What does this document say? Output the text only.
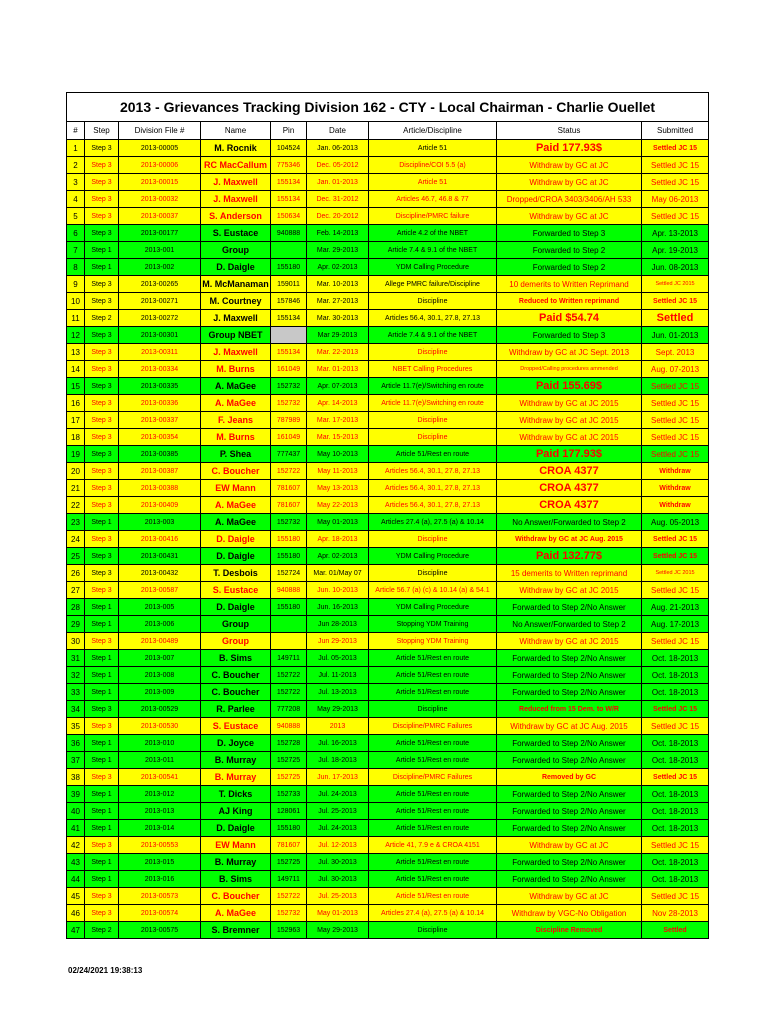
2013 - Grievances Tracking Division 162 - CTY - Local Chairman - Charlie Ouellet								
#	Step	Division File #	Name	Pin	Date	Article/Discipline	Status	Submitted
1	Step 3	2013-00005	M. Rocnik	104524	Jan. 06-2013	Article 51	Paid 177.93$	Settled JC 15
2	Step 3	2013-00006	RC MacCallum	775346	Dec. 05-2012	Discipline/COI 5.5 (a)	Withdraw by GC at JC	Settled JC 15
3	Step 3	2013-00015	J. Maxwell	155134	Jan. 01-2013	Article 51	Withdraw by GC at JC	Settled JC 15
4	Step 3	2013-00032	J. Maxwell	155134	Dec. 31-2012	Articles 46.7, 46.8 & 77	Dropped/CROA 3403/3406/AH 533	May 06-2013
5	Step 3	2013-00037	S. Anderson	150634	Dec. 20-2012	Discipline/PMRC failure	Withdraw by GC at JC	Settled JC 15
6	Step 3	2013-00177	S. Eustace	940888	Feb. 14-2013	Article 4.2 of the NBET	Forwarded to Step 3	Apr. 13-2013
7	Step 1	2013-001	Group		Mar. 29-2013	Article 7.4 & 9.1 of the NBET	Forwarded to Step 2	Apr. 19-2013
8	Step 1	2013-002	D. Daigle	155180	Apr. 02-2013	YDM Calling Procedure	Forwarded to Step 2	Jun. 08-2013
9	Step 3	2013-00265	M. McManaman	159011	Mar. 10-2013	Allege PMRC failure/Discipline	10 demerits to Written Reprimand	Settled JC 2015
10	Step 3	2013-00271	M. Courtney	157846	Mar. 27-2013	Discipline	Reduced to Written reprimand	Settled JC 15
11	Step 2	2013-00272	J. Maxwell	155134	Mar. 30-2013	Articles 56.4, 30.1, 27.8, 27.13	Paid $54.74	Settled
12	Step 3	2013-00301	Group NBET		Mar 29-2013	Article 7.4 & 9.1 of the NBET	Forwarded to Step 3	Jun. 01-2013
13	Step 3	2013-00311	J. Maxwell	155134	Mar. 22-2013	Discipline	Withdraw by GC at JC Sept. 2013	Sept. 2013
14	Step 3	2013-00334	M. Burns	161049	Mar. 01-2013	NBET Calling Procedures	Dropped/Calling procedures ammended	Aug. 07-2013
15	Step 3	2013-00335	A. MaGee	152732	Apr. 07-2013	Article 11.7(e)/Switching en route	Paid 155.69$	Settled JC 15
16	Step 3	2013-00336	A. MaGee	152732	Apr. 14-2013	Article 11.7(e)/Switching en route	Withdraw by GC at JC 2015	Settled JC 15
17	Step 3	2013-00337	F. Jeans	787989	Mar. 17-2013	Discipline	Withdraw by GC at JC 2015	Settled JC 15
18	Step 3	2013-00354	M. Burns	161049	Mar. 15-2013	Discipline	Withdraw by GC at JC 2015	Settled JC 15
19	Step 3	2013-00385	P. Shea	777437	May 10-2013	Article 51/Rest en route	Paid 177.93$	Settled JC 15
20	Step 3	2013-00387	C. Boucher	152722	May 11-2013	Articles 56.4, 30.1, 27.8, 27.13	CROA 4377	Withdraw
21	Step 3	2013-00388	EW Mann	781607	May 13-2013	Articles 56.4, 30.1, 27.8, 27.13	CROA 4377	Withdraw
22	Step 3	2013-00409	A. MaGee	781607	May 22-2013	Articles 56.4, 30.1, 27.8, 27.13	CROA 4377	Withdraw
23	Step 1	2013-003	A. MaGee	152732	May 01-2013	Articles 27.4 (a), 27.5 (a) & 10.14	No Answer/Forwarded to Step 2	Aug. 05-2013
24	Step 3	2013-00416	D. Daigle	155180	Apr. 18-2013	Discipline	Withdraw by GC at JC Aug. 2015	Settled JC 15
25	Step 3	2013-00431	D. Daigle	155180	Apr. 02-2013	YDM Calling Procedure	Paid 132.77$	Settled JC 15
26	Step 3	2013-00432	T. Desbois	152724	Mar. 01/May 07	Discipline	15 demerits to Written reprimand	Settled JC 2015
27	Step 3	2013-00587	S. Eustace	940888	Jun. 10-2013	Article 56.7 (a) (c) & 10.14 (a) & 54.1	Withdraw by GC at JC 2015	Settled JC 15
28	Step 1	2013-005	D. Daigle	155180	Jun. 16-2013	YDM Calling Procedure	Forwarded to Step 2/No Answer	Aug. 21-2013
29	Step 1	2013-006	Group		Jun 28-2013	Stopping YDM Training	No Answer/Forwarded to Step 2	Aug. 17-2013
30	Step 3	2013-00489	Group		Jun 29-2013	Stopping YDM Training	Withdraw by GC at JC 2015	Settled JC 15
31	Step 1	2013-007	B. Sims	149711	Jul. 05-2013	Article 51/Rest en route	Forwarded to Step 2/No Answer	Oct. 18-2013
32	Step 1	2013-008	C. Boucher	152722	Jul. 11-2013	Article 51/Rest en route	Forwarded to Step 2/No Answer	Oct. 18-2013
33	Step 1	2013-009	C. Boucher	152722	Jul. 13-2013	Article 51/Rest en route	Forwarded to Step 2/No Answer	Oct. 18-2013
34	Step 3	2013-00529	R. Parlee	777208	May 29-2013	Discipline	Reduced from 15 Dem. to W/R	Settled JC 15
35	Step 3	2013-00530	S. Eustace	940888	2013	Discipline/PMRC Failures	Withdraw by GC at JC Aug. 2015	Settled JC 15
36	Step 1	2013-010	D. Joyce	152728	Jul. 16-2013	Article 51/Rest en route	Forwarded to Step 2/No Answer	Oct. 18-2013
37	Step 1	2013-011	B. Murray	152725	Jul. 18-2013	Article 51/Rest en route	Forwarded to Step 2/No Answer	Oct. 18-2013
38	Step 3	2013-00541	B. Murray	152725	Jun. 17-2013	Discipline/PMRC Failures	Removed by GC	Settled JC 15
39	Step 1	2013-012	T. Dicks	152733	Jul. 24-2013	Article 51/Rest en route	Forwarded to Step 2/No Answer	Oct. 18-2013
40	Step 1	2013-013	AJ King	128061	Jul. 25-2013	Article 51/Rest en route	Forwarded to Step 2/No Answer	Oct. 18-2013
41	Step 1	2013-014	D. Daigle	155180	Jul. 24-2013	Article 51/Rest en route	Forwarded to Step 2/No Answer	Oct. 18-2013
42	Step 3	2013-00553	EW Mann	781607	Jul. 12-2013	Article 41, 7.9 e & CROA 4151	Withdraw by GC at JC	Settled JC 15
43	Step 1	2013-015	B. Murray	152725	Jul. 30-2013	Article 51/Rest en route	Forwarded to Step 2/No Answer	Oct. 18-2013
44	Step 1	2013-016	B. Sims	149711	Jul. 30-2013	Article 51/Rest en route	Forwarded to Step 2/No Answer	Oct. 18-2013
45	Step 3	2013-00573	C. Boucher	152722	Jul. 25-2013	Article 51/Rest en route	Withdraw by GC at JC	Settled JC 15
46	Step 3	2013-00574	A. MaGee	152732	May 01-2013	Articles 27.4 (a), 27.5 (a) & 10.14	Withdraw by VGC-No Obligation	Nov 28-2013
47	Step 2	2013-00575	S. Bremner	152963	May 29-2013	Discipline	Discipline Removed	Settled
02/24/2021 19:38:13
